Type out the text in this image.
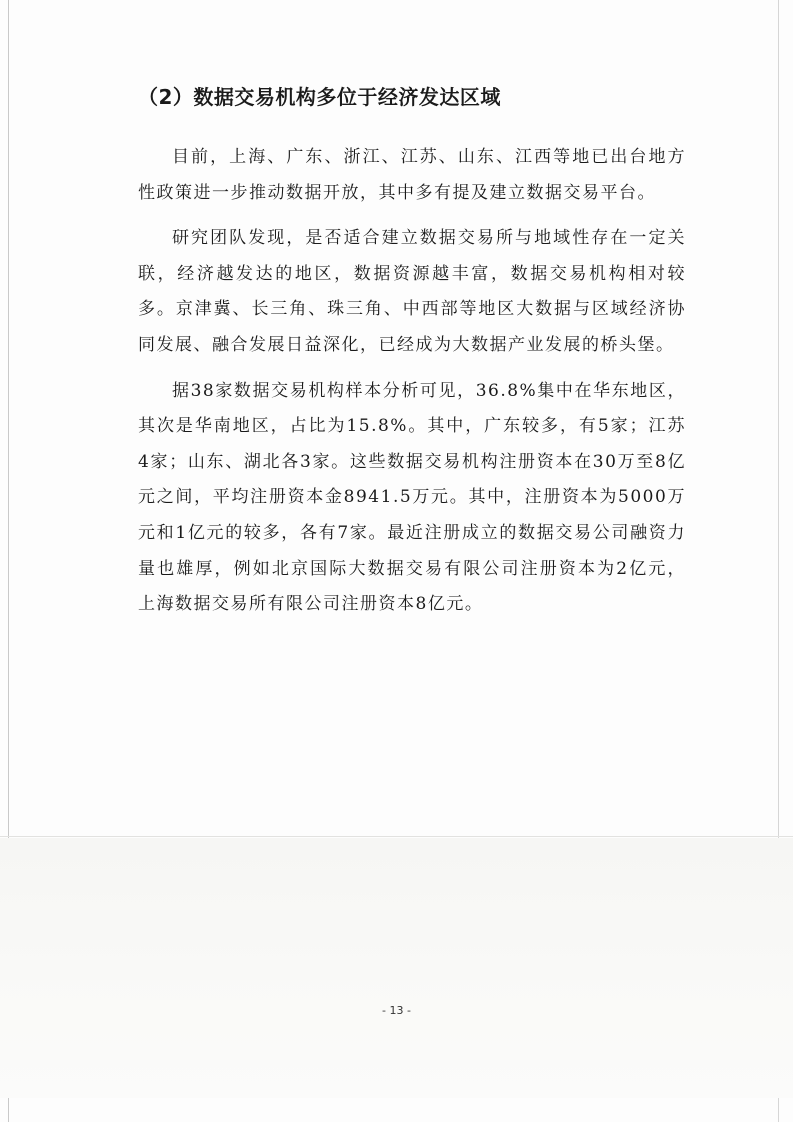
（2）数据交易机构多位于经济发达区域

目前，上海、广东、浙江、江苏、山东、江西等地已出台地方性政策进一步推动数据开放，其中多有提及建立数据交易平台。

研究团队发现，是否适合建立数据交易所与地域性存在一定关联，经济越发达的地区，数据资源越丰富，数据交易机构相对较多。京津冀、长三角、珠三角、中西部等地区大数据与区域经济协同发展、融合发展日益深化，已经成为大数据产业发展的桥头堡。

据38家数据交易机构样本分析可见，36.8%集中在华东地区，其次是华南地区，占比为15.8%。其中，广东较多，有5家；江苏4家；山东、湖北各3家。这些数据交易机构注册资本在30万至8亿元之间，平均注册资本金8941.5万元。其中，注册资本为5000万元和1亿元的较多，各有7家。最近注册成立的数据交易公司融资力量也雄厚，例如北京国际大数据交易有限公司注册资本为2亿元，上海数据交易所有限公司注册资本8亿元。

- 13 -
